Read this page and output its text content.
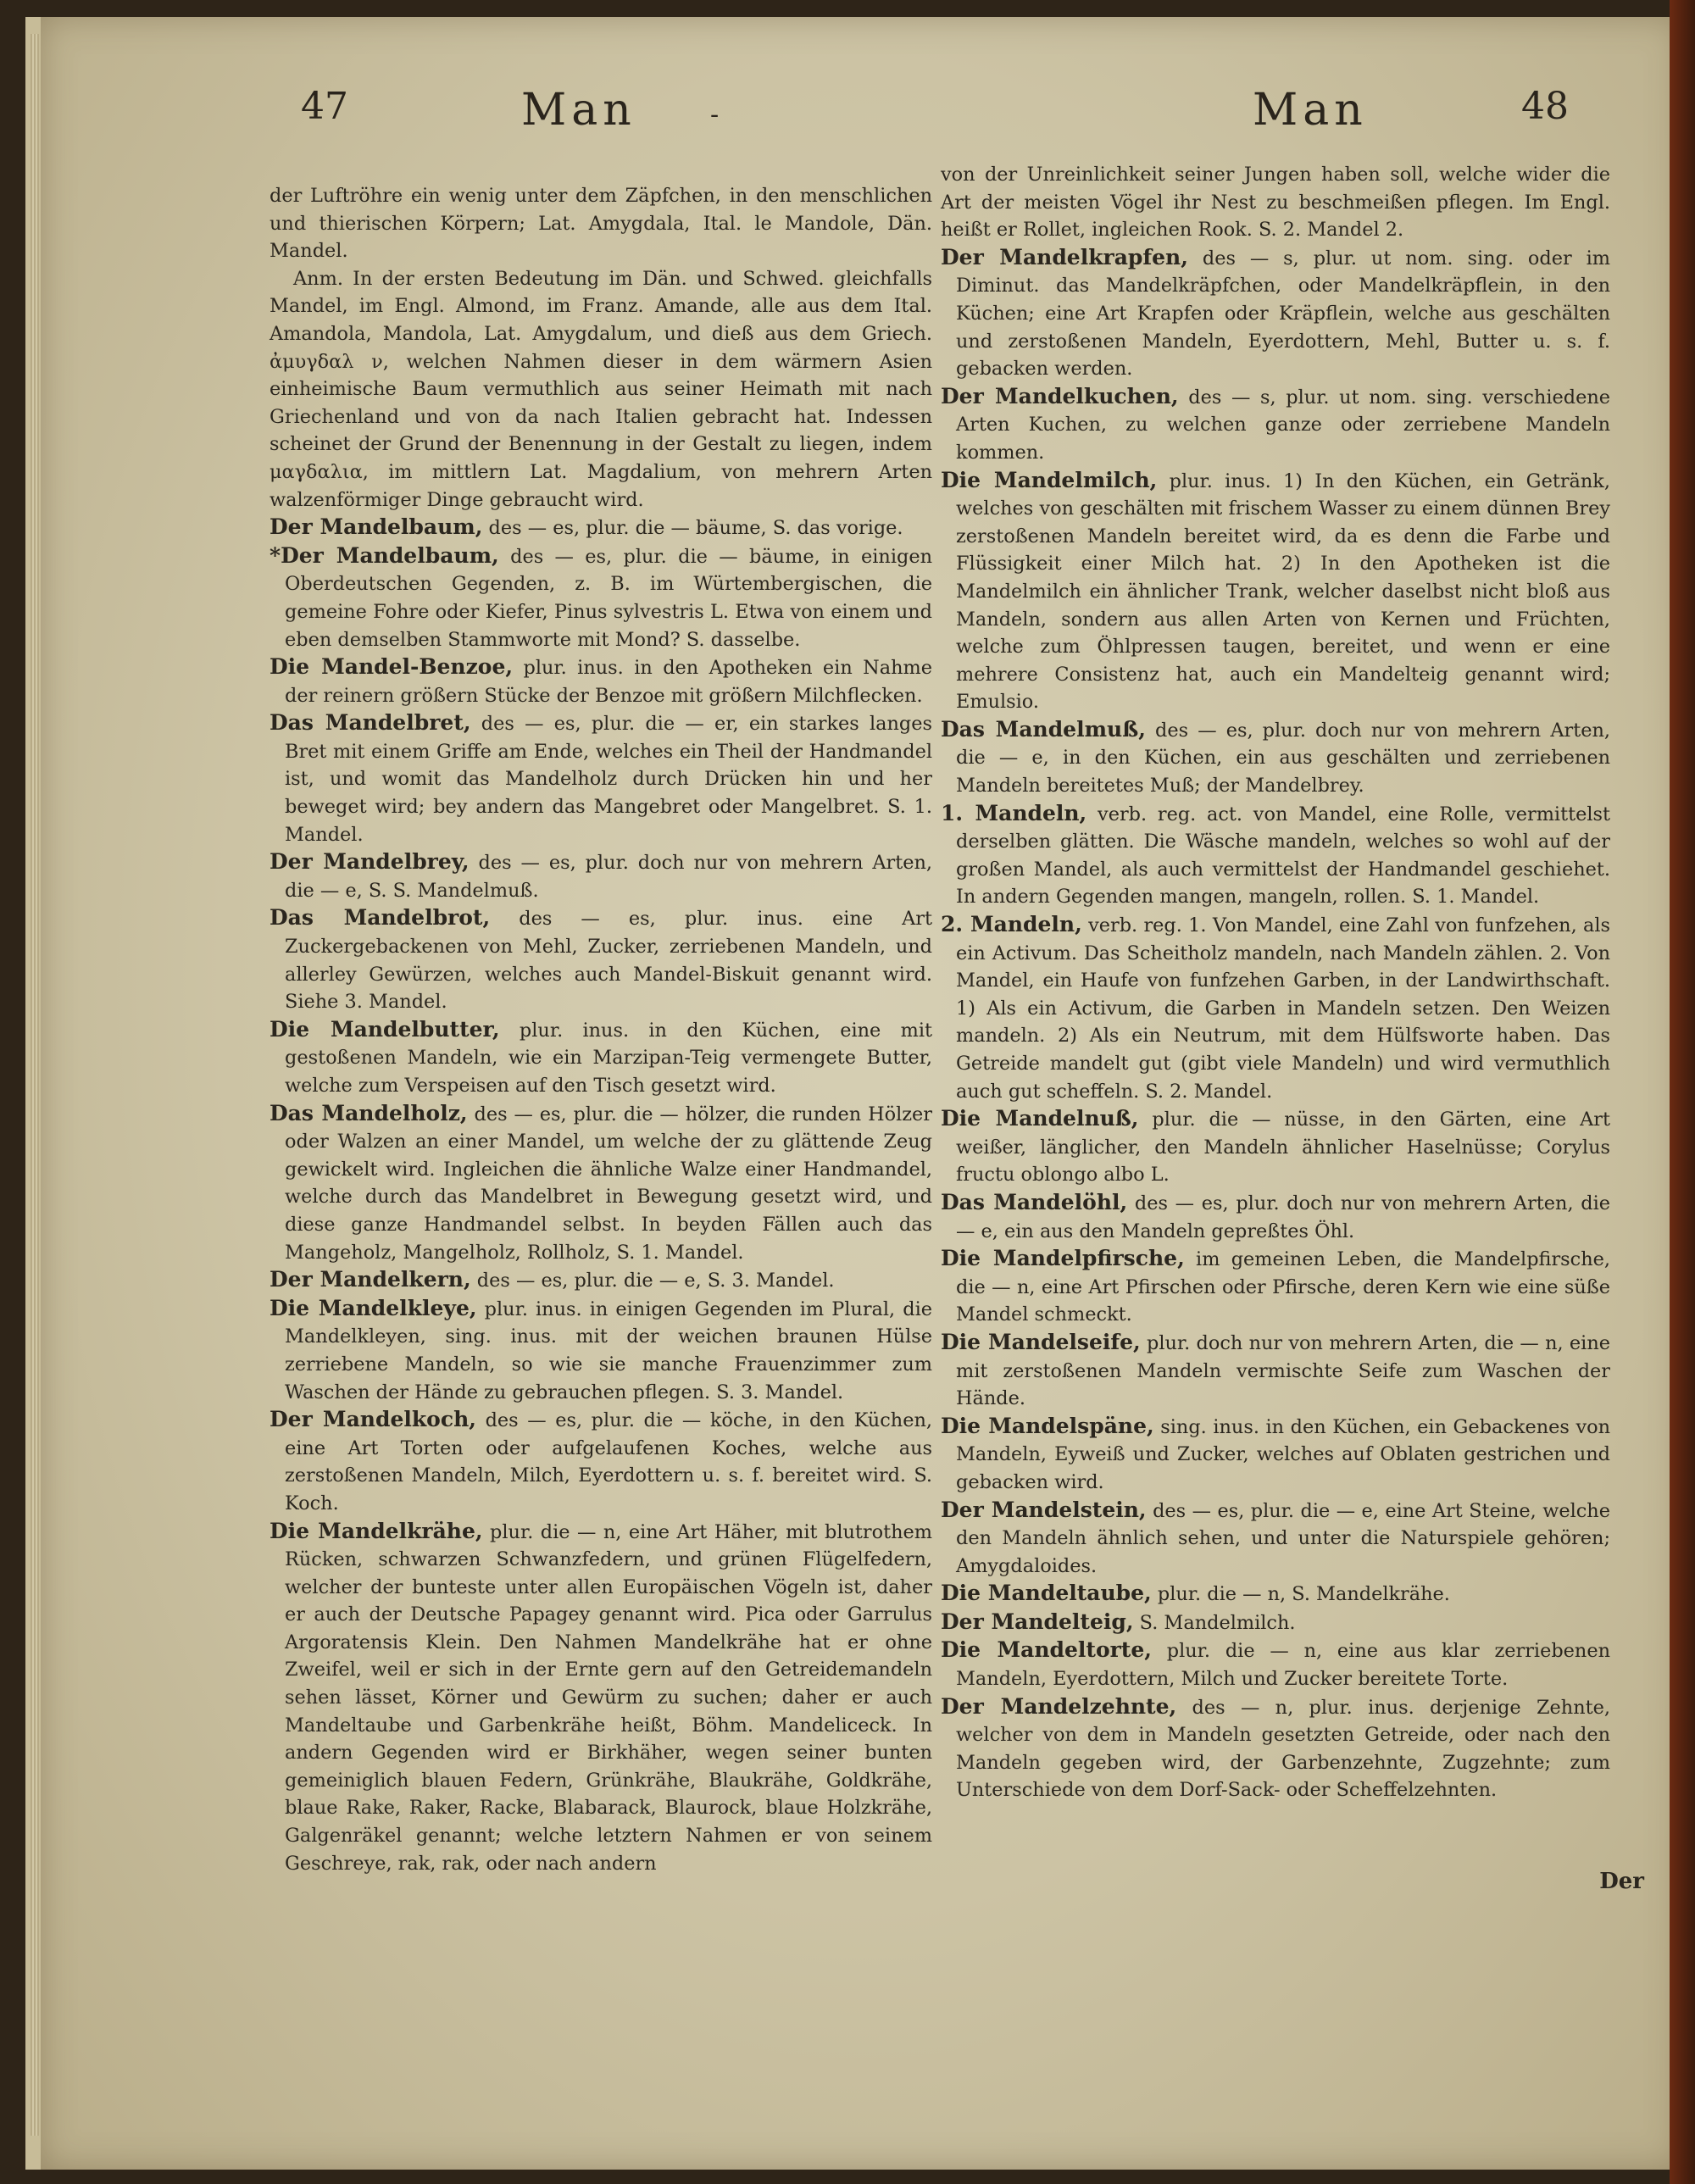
47	Man	-	Man	48

der Luftröhre ein wenig unter dem Zäpfchen, in den menschlichen und thierischen Körpern; Lat. Amygdala, Ital. le Mandole, Dän. Mandel.

Anm. In der ersten Bedeutung im Dän. und Schwed. gleichfalls Mandel, im Engl. Almond, im Franz. Amande, alle aus dem Ital. Amandola, Mandola, Lat. Amygdalum, und dieß aus dem Griech. ἀμυγδαλ ν, welchen Nahmen dieser in dem wärmern Asien einheimische Baum vermuthlich aus seiner Heimath mit nach Griechenland und von da nach Italien gebracht hat. Indessen scheinet der Grund der Benennung in der Gestalt zu liegen, indem μαγδαλια, im mittlern Lat. Magdalium, von mehrern Arten walzenförmiger Dinge gebraucht wird.

Der Mandelbaum, des — es, plur. die — bäume, S. das vorige.

*Der Mandelbaum, des — es, plur. die — bäume, in einigen Oberdeutschen Gegenden, z. B. im Würtembergischen, die gemeine Fohre oder Kiefer, Pinus sylvestris L. Etwa von einem und eben demselben Stammworte mit Mond? S. dasselbe.

Die Mandel-Benzoe, plur. inus. in den Apotheken ein Nahme der reinern größern Stücke der Benzoe mit größern Milchflecken.

Das Mandelbret, des — es, plur. die — er, ein starkes langes Bret mit einem Griffe am Ende, welches ein Theil der Handmandel ist, und womit das Mandelholz durch Drücken hin und her beweget wird; bey andern das Mangebret oder Mangelbret. S. 1. Mandel.

Der Mandelbrey, des — es, plur. doch nur von mehrern Arten, die — e, S. S. Mandelmuß.

Das Mandelbrot, des — es, plur. inus. eine Art Zuckergebackenen von Mehl, Zucker, zerriebenen Mandeln, und allerley Gewürzen, welches auch Mandel-Biskuit genannt wird. Siehe 3. Mandel.

Die Mandelbutter, plur. inus. in den Küchen, eine mit gestoßenen Mandeln, wie ein Marzipan-Teig vermengete Butter, welche zum Verspeisen auf den Tisch gesetzt wird.

Das Mandelholz, des — es, plur. die — hölzer, die runden Hölzer oder Walzen an einer Mandel, um welche der zu glättende Zeug gewickelt wird. Ingleichen die ähnliche Walze einer Handmandel, welche durch das Mandelbret in Bewegung gesetzt wird, und diese ganze Handmandel selbst. In beyden Fällen auch das Mangeholz, Mangelholz, Rollholz, S. 1. Mandel.

Der Mandelkern, des — es, plur. die — e, S. 3. Mandel.

Die Mandelkleye, plur. inus. in einigen Gegenden im Plural, die Mandelkleyen, sing. inus. mit der weichen braunen Hülse zerriebene Mandeln, so wie sie manche Frauenzimmer zum Waschen der Hände zu gebrauchen pflegen. S. 3. Mandel.

Der Mandelkoch, des — es, plur. die — köche, in den Küchen, eine Art Torten oder aufgelaufenen Koches, welche aus zerstoßenen Mandeln, Milch, Eyerdottern u. s. f. bereitet wird. S. Koch.

Die Mandelkrähe, plur. die — n, eine Art Häher, mit blutrothem Rücken, schwarzen Schwanzfedern, und grünen Flügelfedern, welcher der bunteste unter allen Europäischen Vögeln ist, daher er auch der Deutsche Papagey genannt wird. Pica oder Garrulus Argoratensis Klein. Den Nahmen Mandelkrähe hat er ohne Zweifel, weil er sich in der Ernte gern auf den Getreidemandeln sehen lässet, Körner und Gewürm zu suchen; daher er auch Mandeltaube und Garbenkrähe heißt, Böhm. Mandeliceck. In andern Gegenden wird er Birkhäher, wegen seiner bunten gemeiniglich blauen Federn, Grünkrähe, Blaukrähe, Goldkrähe, blaue Rake, Raker, Racke, Blabarack, Blaurock, blaue Holzkrähe, Galgenräkel genannt; welche letztern Nahmen er von seinem Geschreye, rak, rak, oder nach andern

von der Unreinlichkeit seiner Jungen haben soll, welche wider die Art der meisten Vögel ihr Nest zu beschmeißen pflegen. Im Engl. heißt er Rollet, ingleichen Rook. S. 2. Mandel 2.

Der Mandelkrapfen, des — s, plur. ut nom. sing. oder im Diminut. das Mandelkräpfchen, oder Mandelkräpflein, in den Küchen; eine Art Krapfen oder Kräpflein, welche aus geschälten und zerstoßenen Mandeln, Eyerdottern, Mehl, Butter u. s. f. gebacken werden.

Der Mandelkuchen, des — s, plur. ut nom. sing. verschiedene Arten Kuchen, zu welchen ganze oder zerriebene Mandeln kommen.

Die Mandelmilch, plur. inus. 1) In den Küchen, ein Getränk, welches von geschälten mit frischem Wasser zu einem dünnen Brey zerstoßenen Mandeln bereitet wird, da es denn die Farbe und Flüssigkeit einer Milch hat. 2) In den Apotheken ist die Mandelmilch ein ähnlicher Trank, welcher daselbst nicht bloß aus Mandeln, sondern aus allen Arten von Kernen und Früchten, welche zum Öhlpressen taugen, bereitet, und wenn er eine mehrere Consistenz hat, auch ein Mandelteig genannt wird; Emulsio.

Das Mandelmuß, des — es, plur. doch nur von mehrern Arten, die — e, in den Küchen, ein aus geschälten und zerriebenen Mandeln bereitetes Muß; der Mandelbrey.

1. Mandeln, verb. reg. act. von Mandel, eine Rolle, vermittelst derselben glätten. Die Wäsche mandeln, welches so wohl auf der großen Mandel, als auch vermittelst der Handmandel geschiehet. In andern Gegenden mangen, mangeln, rollen. S. 1. Mandel.

2. Mandeln, verb. reg. 1. Von Mandel, eine Zahl von funfzehen, als ein Activum. Das Scheitholz mandeln, nach Mandeln zählen. 2. Von Mandel, ein Haufe von funfzehen Garben, in der Landwirthschaft. 1) Als ein Activum, die Garben in Mandeln setzen. Den Weizen mandeln. 2) Als ein Neutrum, mit dem Hülfsworte haben. Das Getreide mandelt gut (gibt viele Mandeln) und wird vermuthlich auch gut scheffeln. S. 2. Mandel.

Die Mandelnuß, plur. die — nüsse, in den Gärten, eine Art weißer, länglicher, den Mandeln ähnlicher Haselnüsse; Corylus fructu oblongo albo L.

Das Mandelöhl, des — es, plur. doch nur von mehrern Arten, die — e, ein aus den Mandeln gepreßtes Öhl.

Die Mandelpfirsche, im gemeinen Leben, die Mandelpfirsche, die — n, eine Art Pfirschen oder Pfirsche, deren Kern wie eine süße Mandel schmeckt.

Die Mandelseife, plur. doch nur von mehrern Arten, die — n, eine mit zerstoßenen Mandeln vermischte Seife zum Waschen der Hände.

Die Mandelspäne, sing. inus. in den Küchen, ein Gebackenes von Mandeln, Eyweiß und Zucker, welches auf Oblaten gestrichen und gebacken wird.

Der Mandelstein, des — es, plur. die — e, eine Art Steine, welche den Mandeln ähnlich sehen, und unter die Naturspiele gehören; Amygdaloides.

Die Mandeltaube, plur. die — n, S. Mandelkrähe.

Der Mandelteig, S. Mandelmilch.

Die Mandeltorte, plur. die — n, eine aus klar zerriebenen Mandeln, Eyerdottern, Milch und Zucker bereitete Torte.

Der Mandelzehnte, des — n, plur. inus. derjenige Zehnte, welcher von dem in Mandeln gesetzten Getreide, oder nach den Mandeln gegeben wird, der Garbenzehnte, Zugzehnte; zum Unterschiede von dem Dorf-Sack- oder Scheffelzehnten.

Der
